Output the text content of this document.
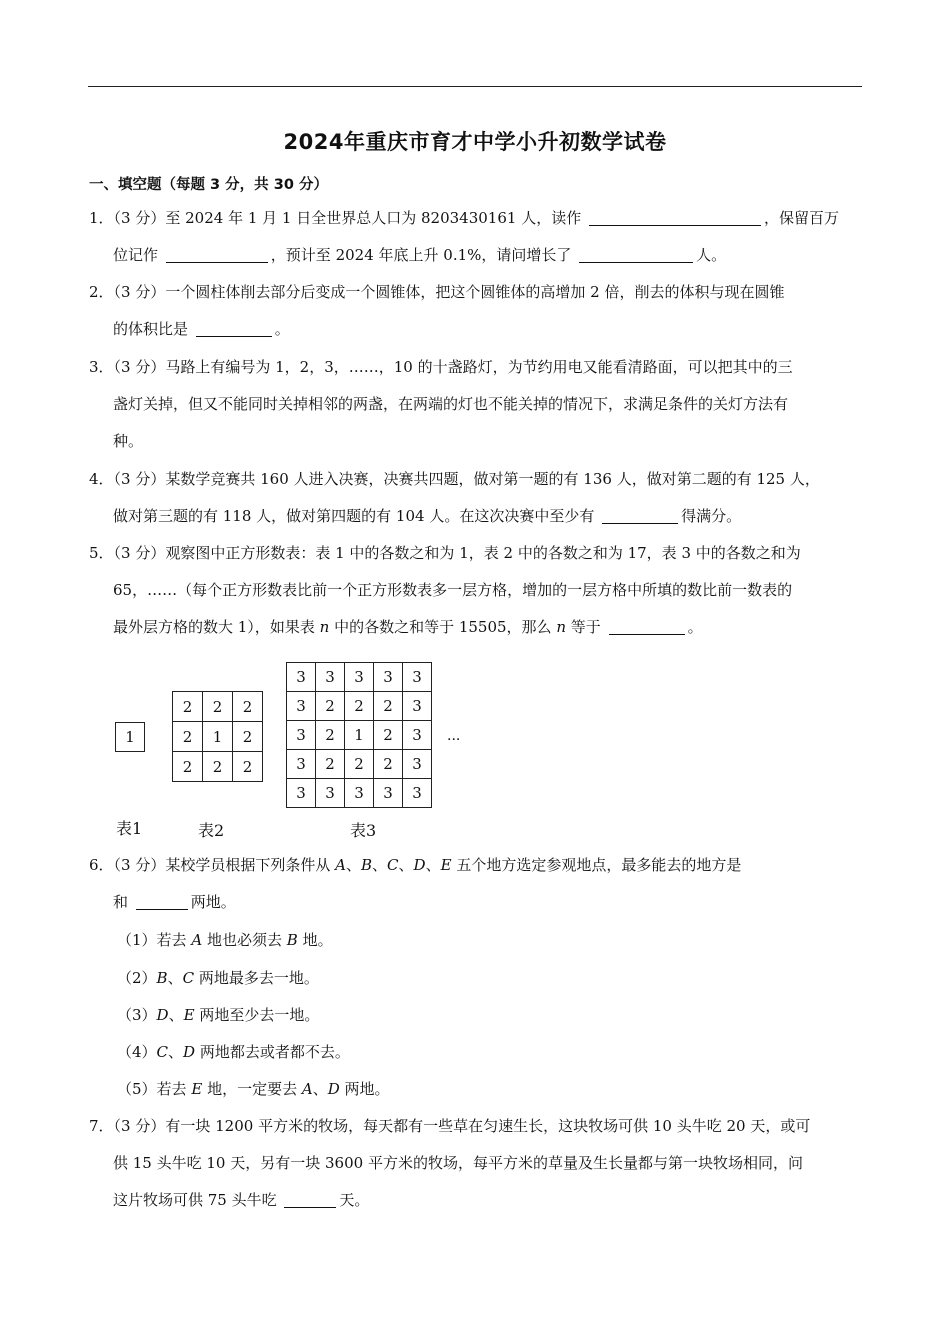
2024年重庆市育才中学小升初数学试卷
一、填空题（每题 3 分，共 30 分）
1．（3 分）至 2024 年 1 月 1 日全世界总人口为 8203430161 人，读作	，保留百万
位记作	，预计至 2024 年底上升 0.1%，请问增长了	人。
2．（3 分）一个圆柱体削去部分后变成一个圆锥体，把这个圆锥体的高增加 2 倍，削去的体积与现在圆锥
的体积比是	。
3．（3 分）马路上有编号为 1，2，3，……，10 的十盏路灯，为节约用电又能看清路面，可以把其中的三
盏灯关掉，但又不能同时关掉相邻的两盏，在两端的灯也不能关掉的情况下，求满足条件的关灯方法有
种。
4．（3 分）某数学竞赛共 160 人进入决赛，决赛共四题，做对第一题的有 136 人，做对第二题的有 125 人，
做对第三题的有 118 人，做对第四题的有 104 人。在这次决赛中至少有	得满分。
5．（3 分）观察图中正方形数表：表 1 中的各数之和为 1，表 2 中的各数之和为 17，表 3 中的各数之和为
65，……（每个正方形数表比前一个正方形数表多一层方格，增加的一层方格中所填的数比前一数表的
最外层方格的数大 1），如果表 n 中的各数之和等于 15505，那么 n 等于	。
1
2	2	2
2	1	2
2	2	2
3	3	3	3	3
3	2	2	2	3
3	2	1	2	3
3	2	2	2	3
3	3	3	3	3
...
表1	表2	表3
6．（3 分）某校学员根据下列条件从 A、B、C、D、E 五个地方选定参观地点，最多能去的地方是
和	两地。
（1）若去 A 地也必须去 B 地。
（2）B、C 两地最多去一地。
（3）D、E 两地至少去一地。
（4）C、D 两地都去或者都不去。
（5）若去 E 地，一定要去 A、D 两地。
7．（3 分）有一块 1200 平方米的牧场，每天都有一些草在匀速生长，这块牧场可供 10 头牛吃 20 天，或可
供 15 头牛吃 10 天，另有一块 3600 平方米的牧场，每平方米的草量及生长量都与第一块牧场相同，问
这片牧场可供 75 头牛吃	天。
